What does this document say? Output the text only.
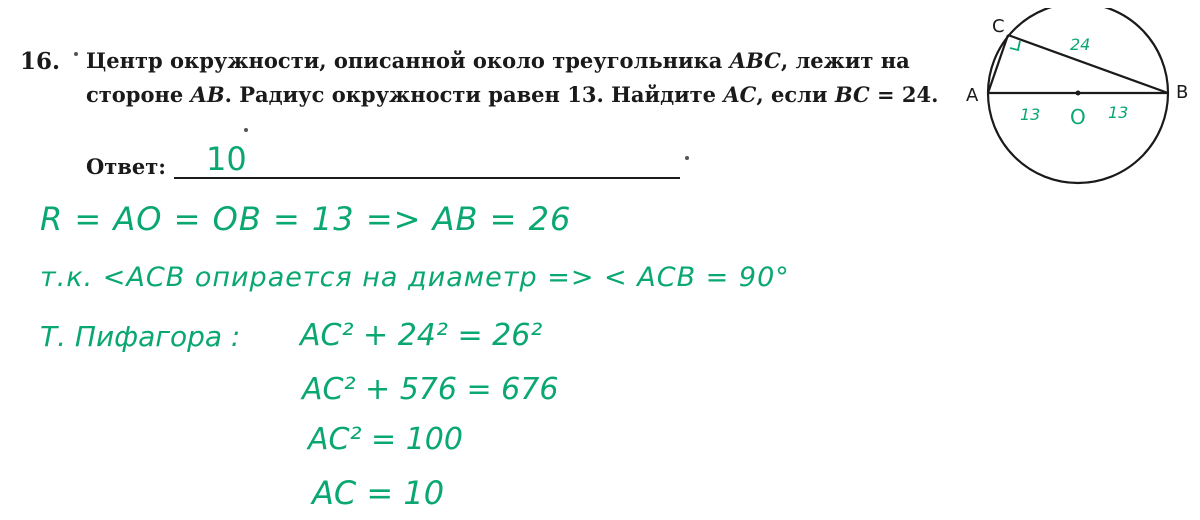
16. Центр окружности, описанной около треугольника ABC, лежит на
стороне AB. Радиус окружности равен 13. Найдите AC, если BC = 24.
Ответ: 10
R = AO = OB = 13 => AB = 26
т.к. <ACB опирается на диаметр => < ACB = 90°
Т. Пифагора : AC² + 24² = 26²
AC² + 576 = 676
AC² = 100
AC = 10
C
A	B
O
24
13	13
